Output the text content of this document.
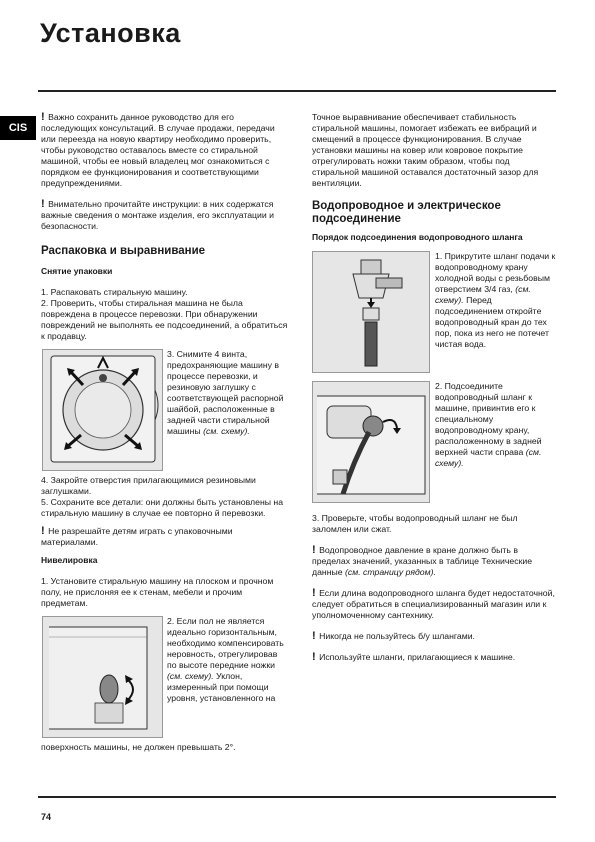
Установка
CIS

! Важно сохранить данное руководство для его последующих консультаций. В случае продажи, передачи или переезда на новую квартиру необходимо проверить, чтобы руководство оставалось вместе со стиральной машиной, чтобы ее новый владелец мог ознакомиться с порядком ее функционирования и соответствующими предупреждениями.

! Внимательно прочитайте инструкции: в них содержатся важные сведения о монтаже изделия, его эксплуатации и безопасности.

Распаковка и выравнивание
Снятие упаковки

1. Распаковать стиральную машину.

2. Проверить, чтобы стиральная машина не была повреждена в процессе перевозки. При обнаружении повреждений не выполнять ее подсоединений, а обратиться к продавцу.

3. Снимите 4 винта, предохраняющие машину в процессе перевозки, и резиновую заглушку с соответствующей распорной шайбой, расположенные в задней части стиральной машины (см. схему).

4. Закройте отверстия прилагающимися резиновыми заглушками.

5. Сохраните все детали: они должны быть установлены на стиральную машину в случае ее повторно й перевозки.

! Не разрешайте детям играть с упаковочными материалами.

Нивелировка

1. Установите стиральную машину на плоском и прочном полу, не прислоняя ее к стенам, мебели и прочим предметам.

2. Если пол не является идеально горизонтальным, необходимо компенсировать неровность, отрегулировав по высоте передние ножки (см. схему). Уклон, измеренный при помощи уровня, установленного на

поверхность машины, не должен превышать 2°.

Точное выравнивание обеспечивает стабильность стиральной машины, помогает избежать ее вибраций и смещений в процессе функционирования. В случае установки машины на ковер или ковровое покрытие отрегулировать ножки таким образом, чтобы под стиральной машиной оставался достаточный зазор для вентиляции.

Водопроводное и электрическое подсоединение
Порядок подсоединения водопроводного шланга

1. Прикрутите шланг подачи к водопроводному крану холодной воды с резьбовым отверстием 3/4 газ, (см. схему). Перед подсоединением откройте водопроводный кран до тех пор, пока из него не потечет чистая вода.

2. Подсоедините водопроводный шланг к машине, привинтив его к специальному водопроводному крану, расположенному в задней верхней части справа (см. схему).

3. Проверьте, чтобы водопроводный шланг не был заломлен или сжат.

! Водопроводное давление в кране должно быть в пределах значений, указанных в таблице Технические данные (см. страницу рядом).

! Если длина водопроводного шланга будет недостаточной, следует обратиться в специализированный магазин или к уполномоченному сантехнику.

! Никогда не пользуйтесь б/у шлангами.

! Используйте шланги, прилагающиеся к машине.

74
